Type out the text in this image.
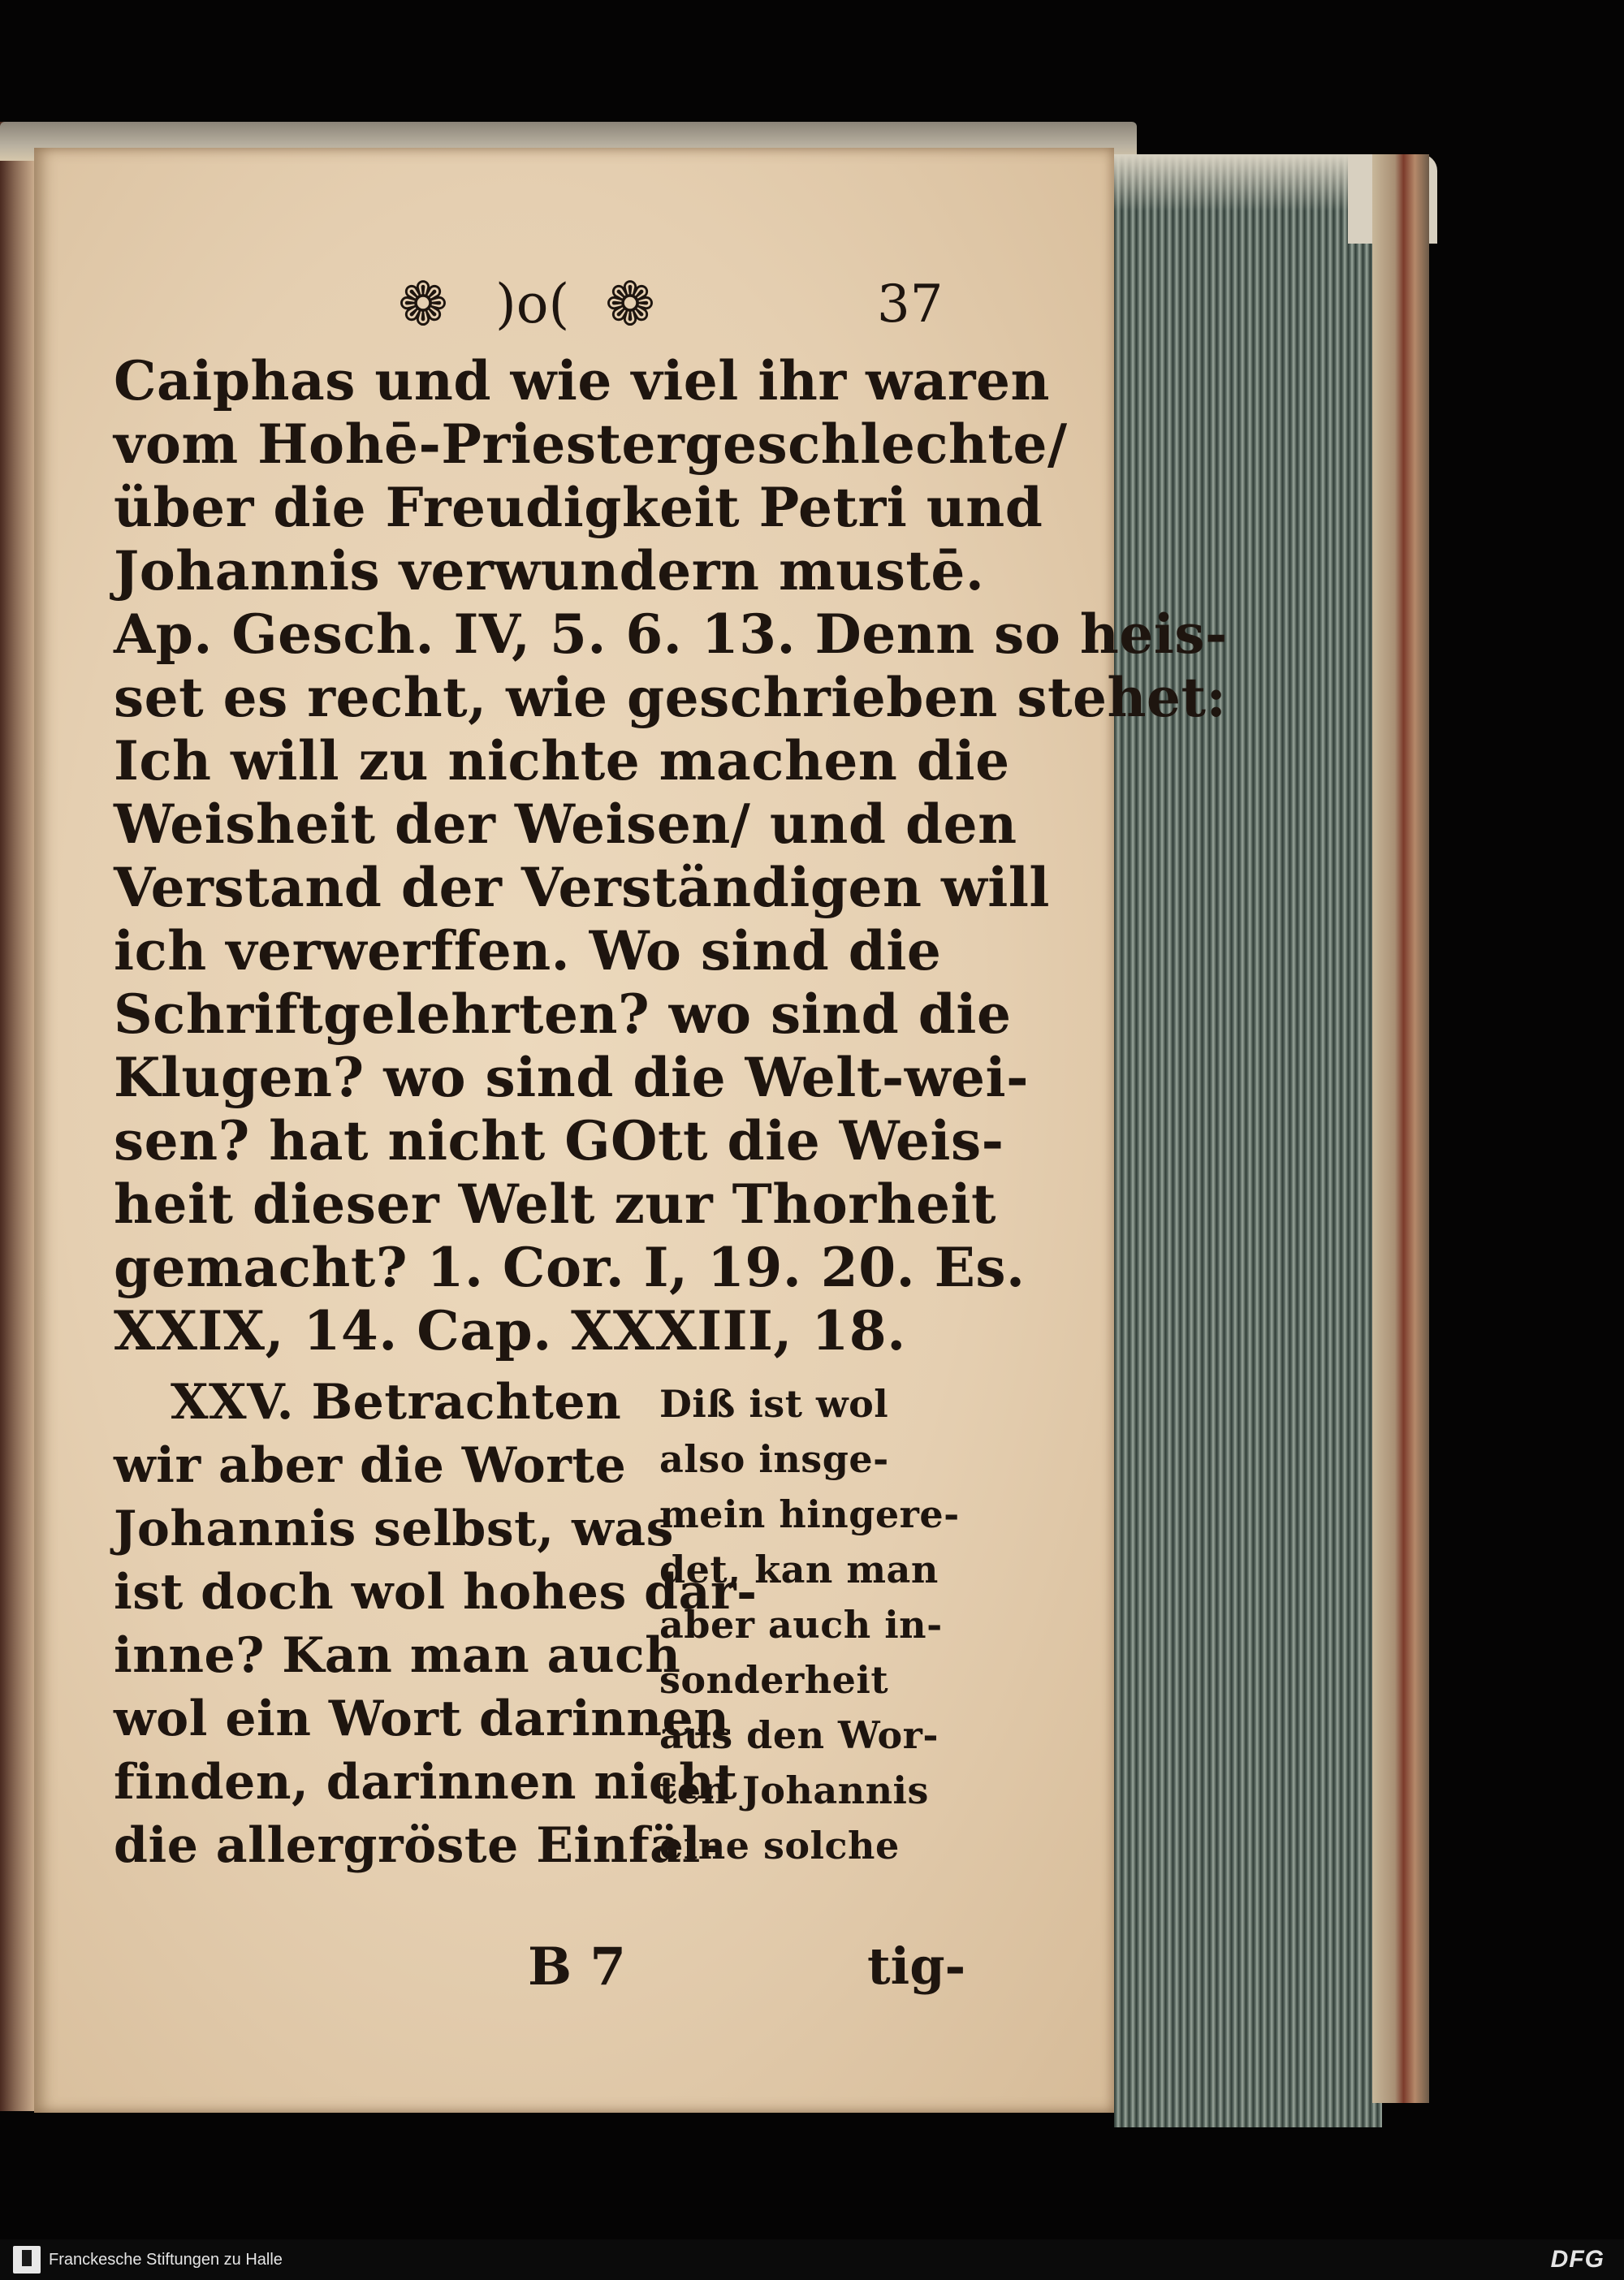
❁ )o( ❁	37
Caiphas und wie viel ihr waren
vom Hohē-Priestergeschlechte/
über die Freudigkeit Petri und
Johannis verwundern mustē.
Ap. Gesch. IV, 5. 6. 13. Denn so heis-
set es recht, wie geschrieben stehet:
Ich will zu nichte machen die
Weisheit der Weisen/ und den
Verstand der Verständigen will
ich verwerffen. Wo sind die
Schriftgelehrten? wo sind die
Klugen? wo sind die Welt-wei-
sen? hat nicht GOtt die Weis-
heit dieser Welt zur Thorheit
gemacht? 1. Cor. I, 19. 20. Es.
XXIX, 14. Cap. XXXIII, 18.
XXV. Betrachten
wir aber die Worte
Johannis selbst, was
ist doch wol hohes dar-
inne? Kan man auch
wol ein Wort darinnen
finden, darinnen nicht
die allergröste Einfäl-
Diß ist wol
also insge-
mein hingere-
det, kan man
aber auch in-
sonderheit
aus den Wor-
ten Johannis
eine solche
B 7	tig-
Franckesche Stiftungen zu Halle	DFG
